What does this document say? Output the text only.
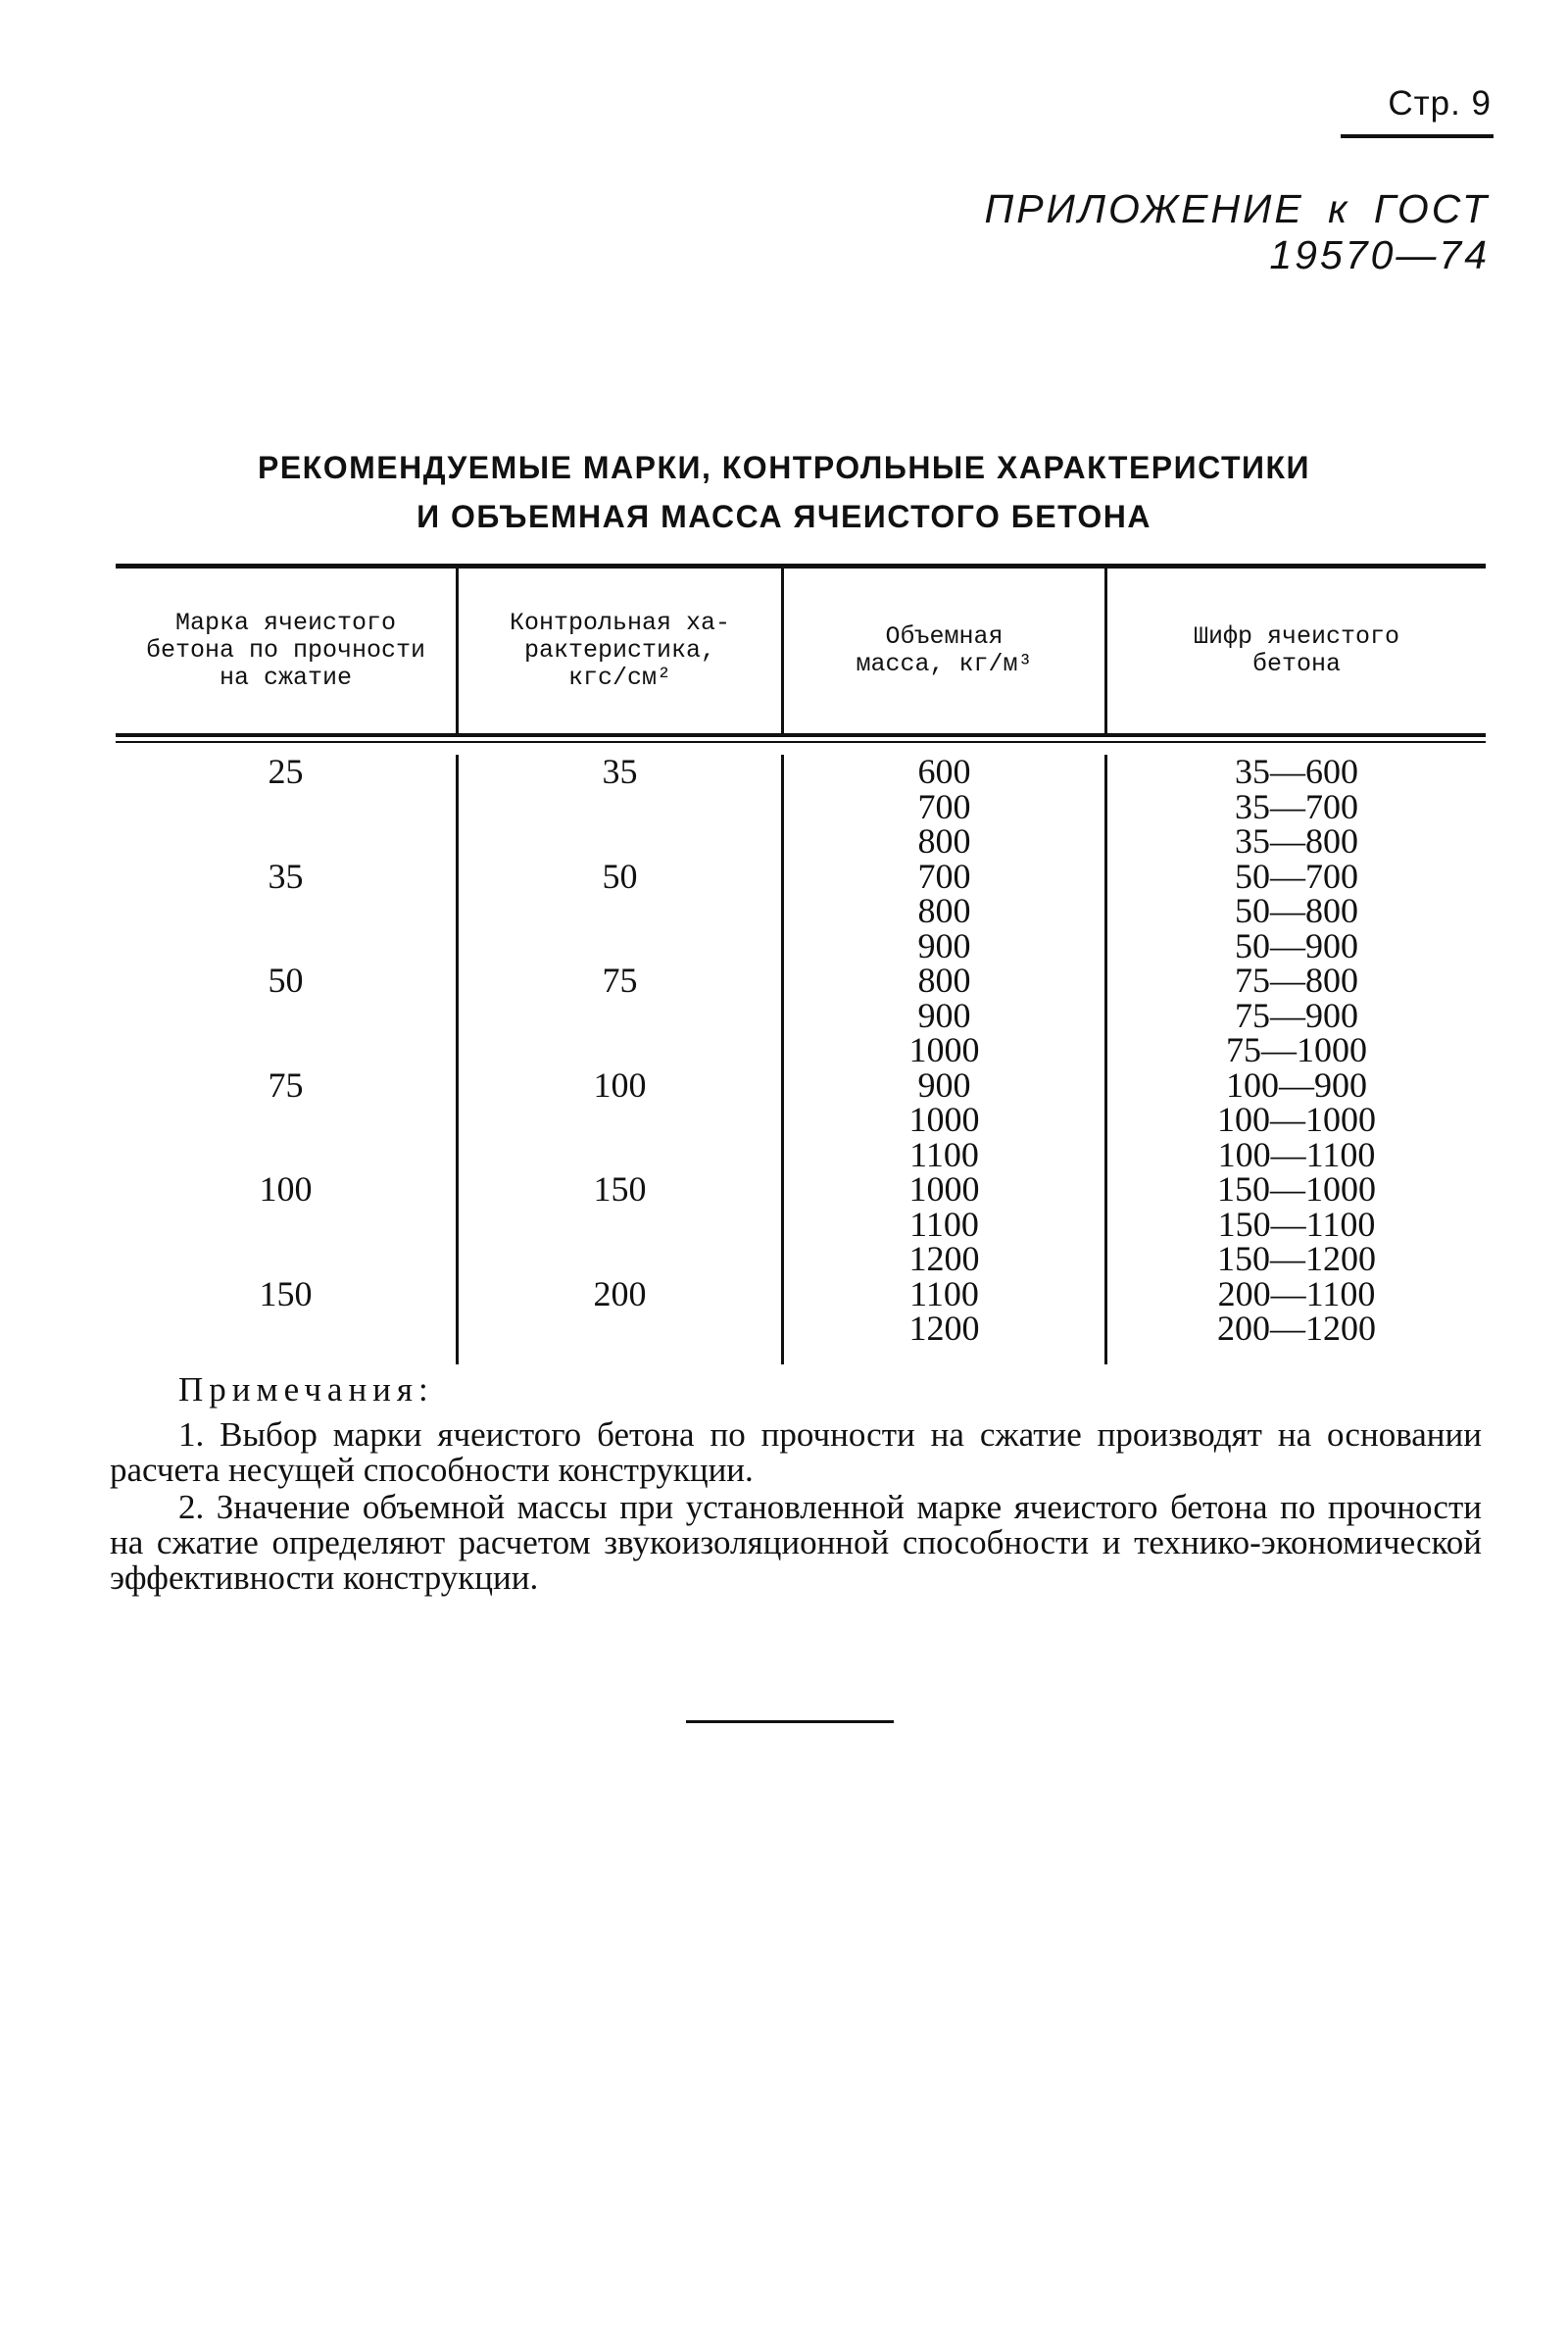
Стр. 9
ПРИЛОЖЕНИЕ к ГОСТ 19570—74
РЕКОМЕНДУЕМЫЕ МАРКИ, КОНТРОЛЬНЫЕ ХАРАКТЕРИСТИКИ
И ОБЪЕМНАЯ МАССА ЯЧЕИСТОГО БЕТОНА
Марка ячеистого
бетона по прочности
на сжатие
Контрольная ха-
рактеристика,
кгс/см²
Объемная
масса, кг/м³
Шифр ячеистого
бетона
25
35
50
75
100
150
35
50
75
100
150
200
600
700
800
700
800
900
800
900
1000
900
1000
1100
1000
1100
1200
1100
1200
35—600
35—700
35—800
50—700
50—800
50—900
75—800
75—900
75—1000
100—900
100—1000
100—1100
150—1000
150—1100
150—1200
200—1100
200—1200
Примечания:

1. Выбор марки ячеистого бетона по прочности на сжатие производят на основании расчета несущей способности конструкции.

2. Значение объемной массы при установленной марке ячеистого бетона по прочности на сжатие определяют расчетом звукоизоляционной способности и технико-экономической эффективности конструкции.
